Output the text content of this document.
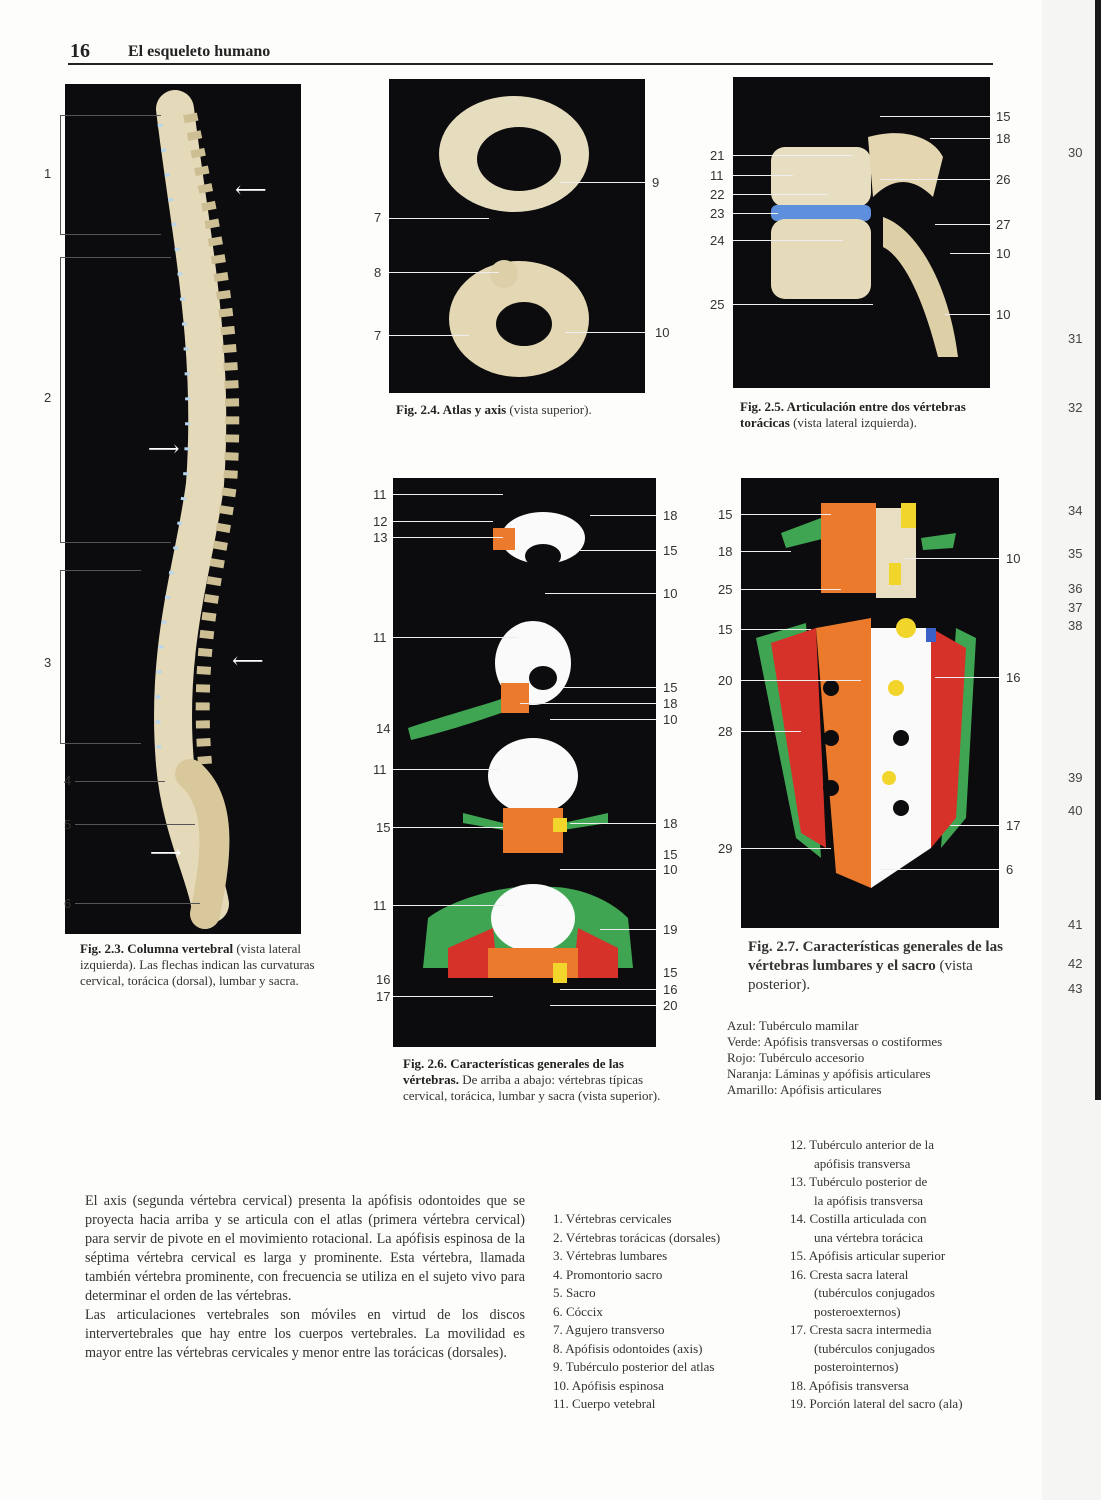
16 El esqueleto humano
⟵
⟶
⟵
⟶
1
2
3
4
5
6
Fig. 2.3. Columna vertebral (vista lateral izquierda). Las flechas indican las curvaturas cervical, torácica (dorsal), lumbar y sacra.
7
8
7
9
10
Fig. 2.4. Atlas y axis (vista superior).
21
11
22
23
24
25
15
18
26
27
10
10
Fig. 2.5. Articulación entre dos vértebras torácicas (vista lateral izquierda).
11
12
13
11
14
11
15
11
16
17
18
15
10
15
18
10
18
15
10
19
15
16
20
Fig. 2.6. Características generales de las vértebras. De arriba a abajo: vértebras típicas cervical, torácica, lumbar y sacra (vista superior).
15
18
25
15
20
28
29
10
16
17
6
Fig. 2.7. Características generales de las vértebras lumbares y el sacro (vista posterior).
Azul: Tubérculo mamilar
Verde: Apófisis transversas o costiformes
Rojo: Tubérculo accesorio
Naranja: Láminas y apófisis articulares
Amarillo: Apófisis articulares

El axis (segunda vértebra cervical) presenta la apófisis odontoides que se proyecta hacia arriba y se articula con el atlas (primera vértebra cervical) para servir de pivote en el movimiento rotacional. La apófisis espinosa de la séptima vértebra cervical es larga y prominente. Esta vértebra, llamada también vértebra prominente, con frecuencia se utiliza en el sujeto vivo para determinar el orden de las vértebras.

Las articulaciones vertebrales son móviles en virtud de los discos intervertebrales que hay entre los cuerpos vertebrales. La movilidad es mayor entre las vértebras cervicales y menor entre las torácicas (dorsales).

1. Vértebras cervicales
2. Vértebras torácicas (dorsales)
3. Vértebras lumbares
4. Promontorio sacro
5. Sacro
6. Cóccix
7. Agujero transverso
8. Apófisis odontoides (axis)
9. Tubérculo posterior del atlas
10. Apófisis espinosa
11. Cuerpo vetebral
12. Tubérculo anterior de la
apófisis transversa
13. Tubérculo posterior de
la apófisis transversa
14. Costilla articulada con
una vértebra torácica
15. Apófisis articular superior
16. Cresta sacra lateral
(tubérculos conjugados
posteroexternos)
17. Cresta sacra intermedia
(tubérculos conjugados
posterointernos)
18. Apófisis transversa
19. Porción lateral del sacro (ala)
30
31
32
34
35
36
37
38
39
40
41
42
43
